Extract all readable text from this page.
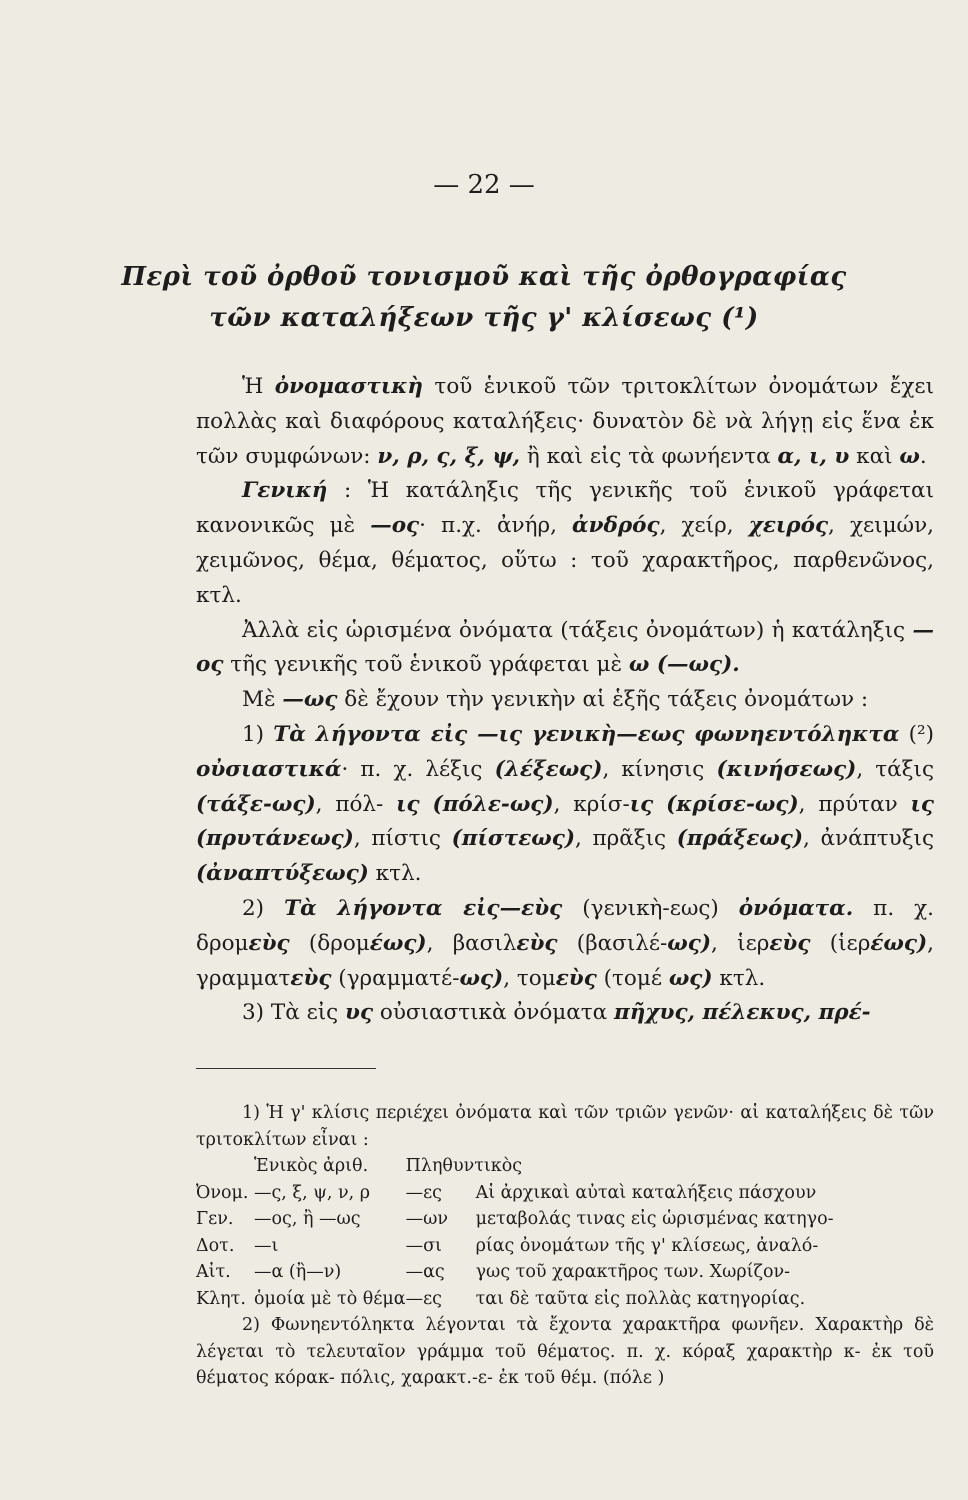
— 22 —
Περὶ τοῦ ὀρθοῦ τονισμοῦ καὶ τῆς ὀρθογραφίας
τῶν καταλήξεων τῆς γ' κλίσεως (¹)

Ἡ ὀνομαστικὴ τοῦ ἑνικοῦ τῶν τριτοκλίτων ὀνομάτων ἔχει πολλὰς καὶ διαφόρους καταλήξεις· δυνατὸν δὲ νὰ λήγῃ εἰς ἕνα ἐκ τῶν συμφώνων: ν, ρ, ς, ξ, ψ, ἢ καὶ εἰς τὰ φωνήεντα α, ι, υ καὶ ω.

Γενική : Ἡ κατάληξις τῆς γενικῆς τοῦ ἑνικοῦ γράφεται κανονικῶς μὲ —ος· π.χ. ἀνήρ, ἀνδρός, χείρ, χειρός, χειμών, χειμῶνος, θέμα, θέματος, οὕτω : τοῦ χαρακτῆρος, παρθενῶνος, κτλ.

Ἀλλὰ εἰς ὡρισμένα ὀνόματα (τάξεις ὀνομάτων) ἡ κατάληξις —ος τῆς γενικῆς τοῦ ἑνικοῦ γράφεται μὲ ω (—ως).

Μὲ —ως δὲ ἔχουν τὴν γενικὴν αἱ ἑξῆς τάξεις ὀνομάτων :

1) Τὰ λήγοντα εἰς —ις γενικὴ—εως φωνηεντόληκτα (²) οὐσιαστικά· π. χ. λέξις (λέξεως), κίνησις (κινήσεως), τάξις (τάξε-ως), πόλ- ις (πόλε-ως), κρίσ-ις (κρίσε-ως), πρύταν ις (πρυτάνεως), πίστις (πίστεως), πρᾶξις (πράξεως), ἀνάπτυξις (ἀναπτύξεως) κτλ.

2) Τὰ λήγοντα εἰς—εὺς (γενικὴ-εως) ὀνόματα. π. χ. δρομεὺς (δρομέως), βασιλεὺς (βασιλέ-ως), ἱερεὺς (ἱερέως), γραμματεὺς (γραμματέ-ως), τομεὺς (τομέ ως) κτλ.

3) Τὰ εἰς υς οὐσιαστικὰ ὀνόματα πῆχυς, πέλεκυς, πρέ-

1) Ἡ γ' κλίσις περιέχει ὀνόματα καὶ τῶν τριῶν γενῶν· αἱ καταλήξεις δὲ τῶν τριτοκλίτων εἶναι :

Ἑνικὸς ἀριθ.		Πληθυντικὸς	
Ὀνομ.	—ς, ξ, ψ, ν, ρ	—ες	Αἱ ἀρχικαὶ αὐταὶ καταλήξεις πάσχουν
Γεν.	—ος, ἢ —ως	—ων	μεταβολάς τινας εἰς ὡρισμένας κατηγο-
Δοτ.	—ι	—σι	ρίας ὀνομάτων τῆς γ' κλίσεως, ἀναλό-
Αἰτ.	—α (ἢ—ν)	—ας	γως τοῦ χαρακτῆρος των. Χωρίζον-
Κλητ.	ὁμοία μὲ τὸ θέμα	—ες	ται δὲ ταῦτα εἰς πολλὰς κατηγορίας.

2) Φωνηεντόληκτα λέγονται τὰ ἔχοντα χαρακτῆρα φωνῆεν. Χαρακτὴρ δὲ λέγεται τὸ τελευταῖον γράμμα τοῦ θέματος. π. χ. κόραξ χαρακτὴρ κ- ἐκ τοῦ θέματος κόρακ- πόλις, χαρακτ.-ε- ἐκ τοῦ θέμ. (πόλε )
